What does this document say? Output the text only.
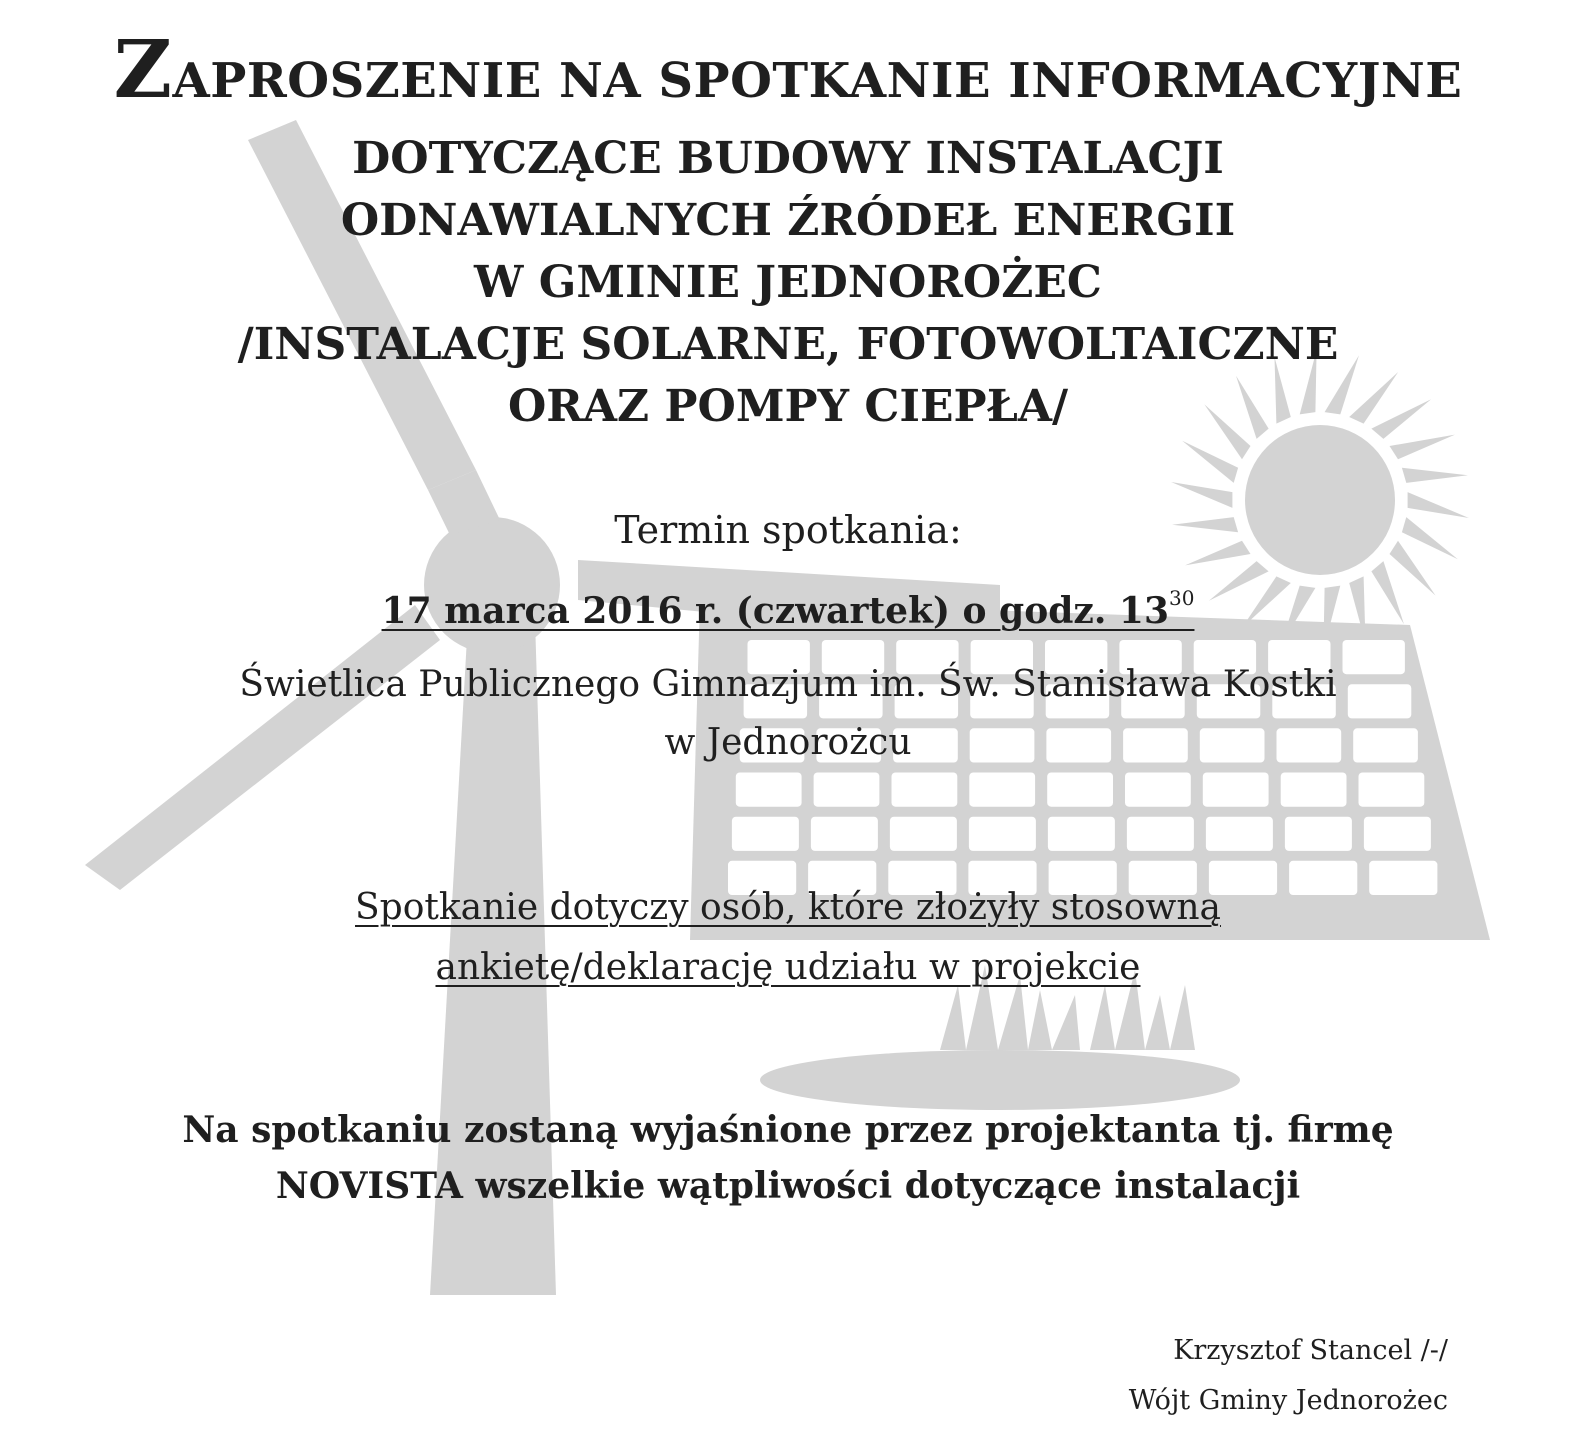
ZAPROSZENIE NA SPOTKANIE INFORMACYJNE
DOTYCZĄCE BUDOWY INSTALACJI
ODNAWIALNYCH ŹRÓDEŁ ENERGII
W GMINIE JEDNOROŻEC
/INSTALACJE SOLARNE, FOTOWOLTAICZNE
ORAZ POMPY CIEPŁA/
Termin spotkania:
17 marca 2016 r. (czwartek) o godz. $13^{30}$
Świetlica Publicznego Gimnazjum im. Św. Stanisława Kostki
w Jednorożcu
Spotkanie dotyczy osób, które złożyły stosowną
ankietę/deklarację udziału w projekcie
Na spotkaniu zostaną wyjaśnione przez projektanta tj. firmę
NOVISTA wszelkie wątpliwości dotyczące instalacji
Krzysztof Stancel /-/
Wójt Gminy Jednorożec
